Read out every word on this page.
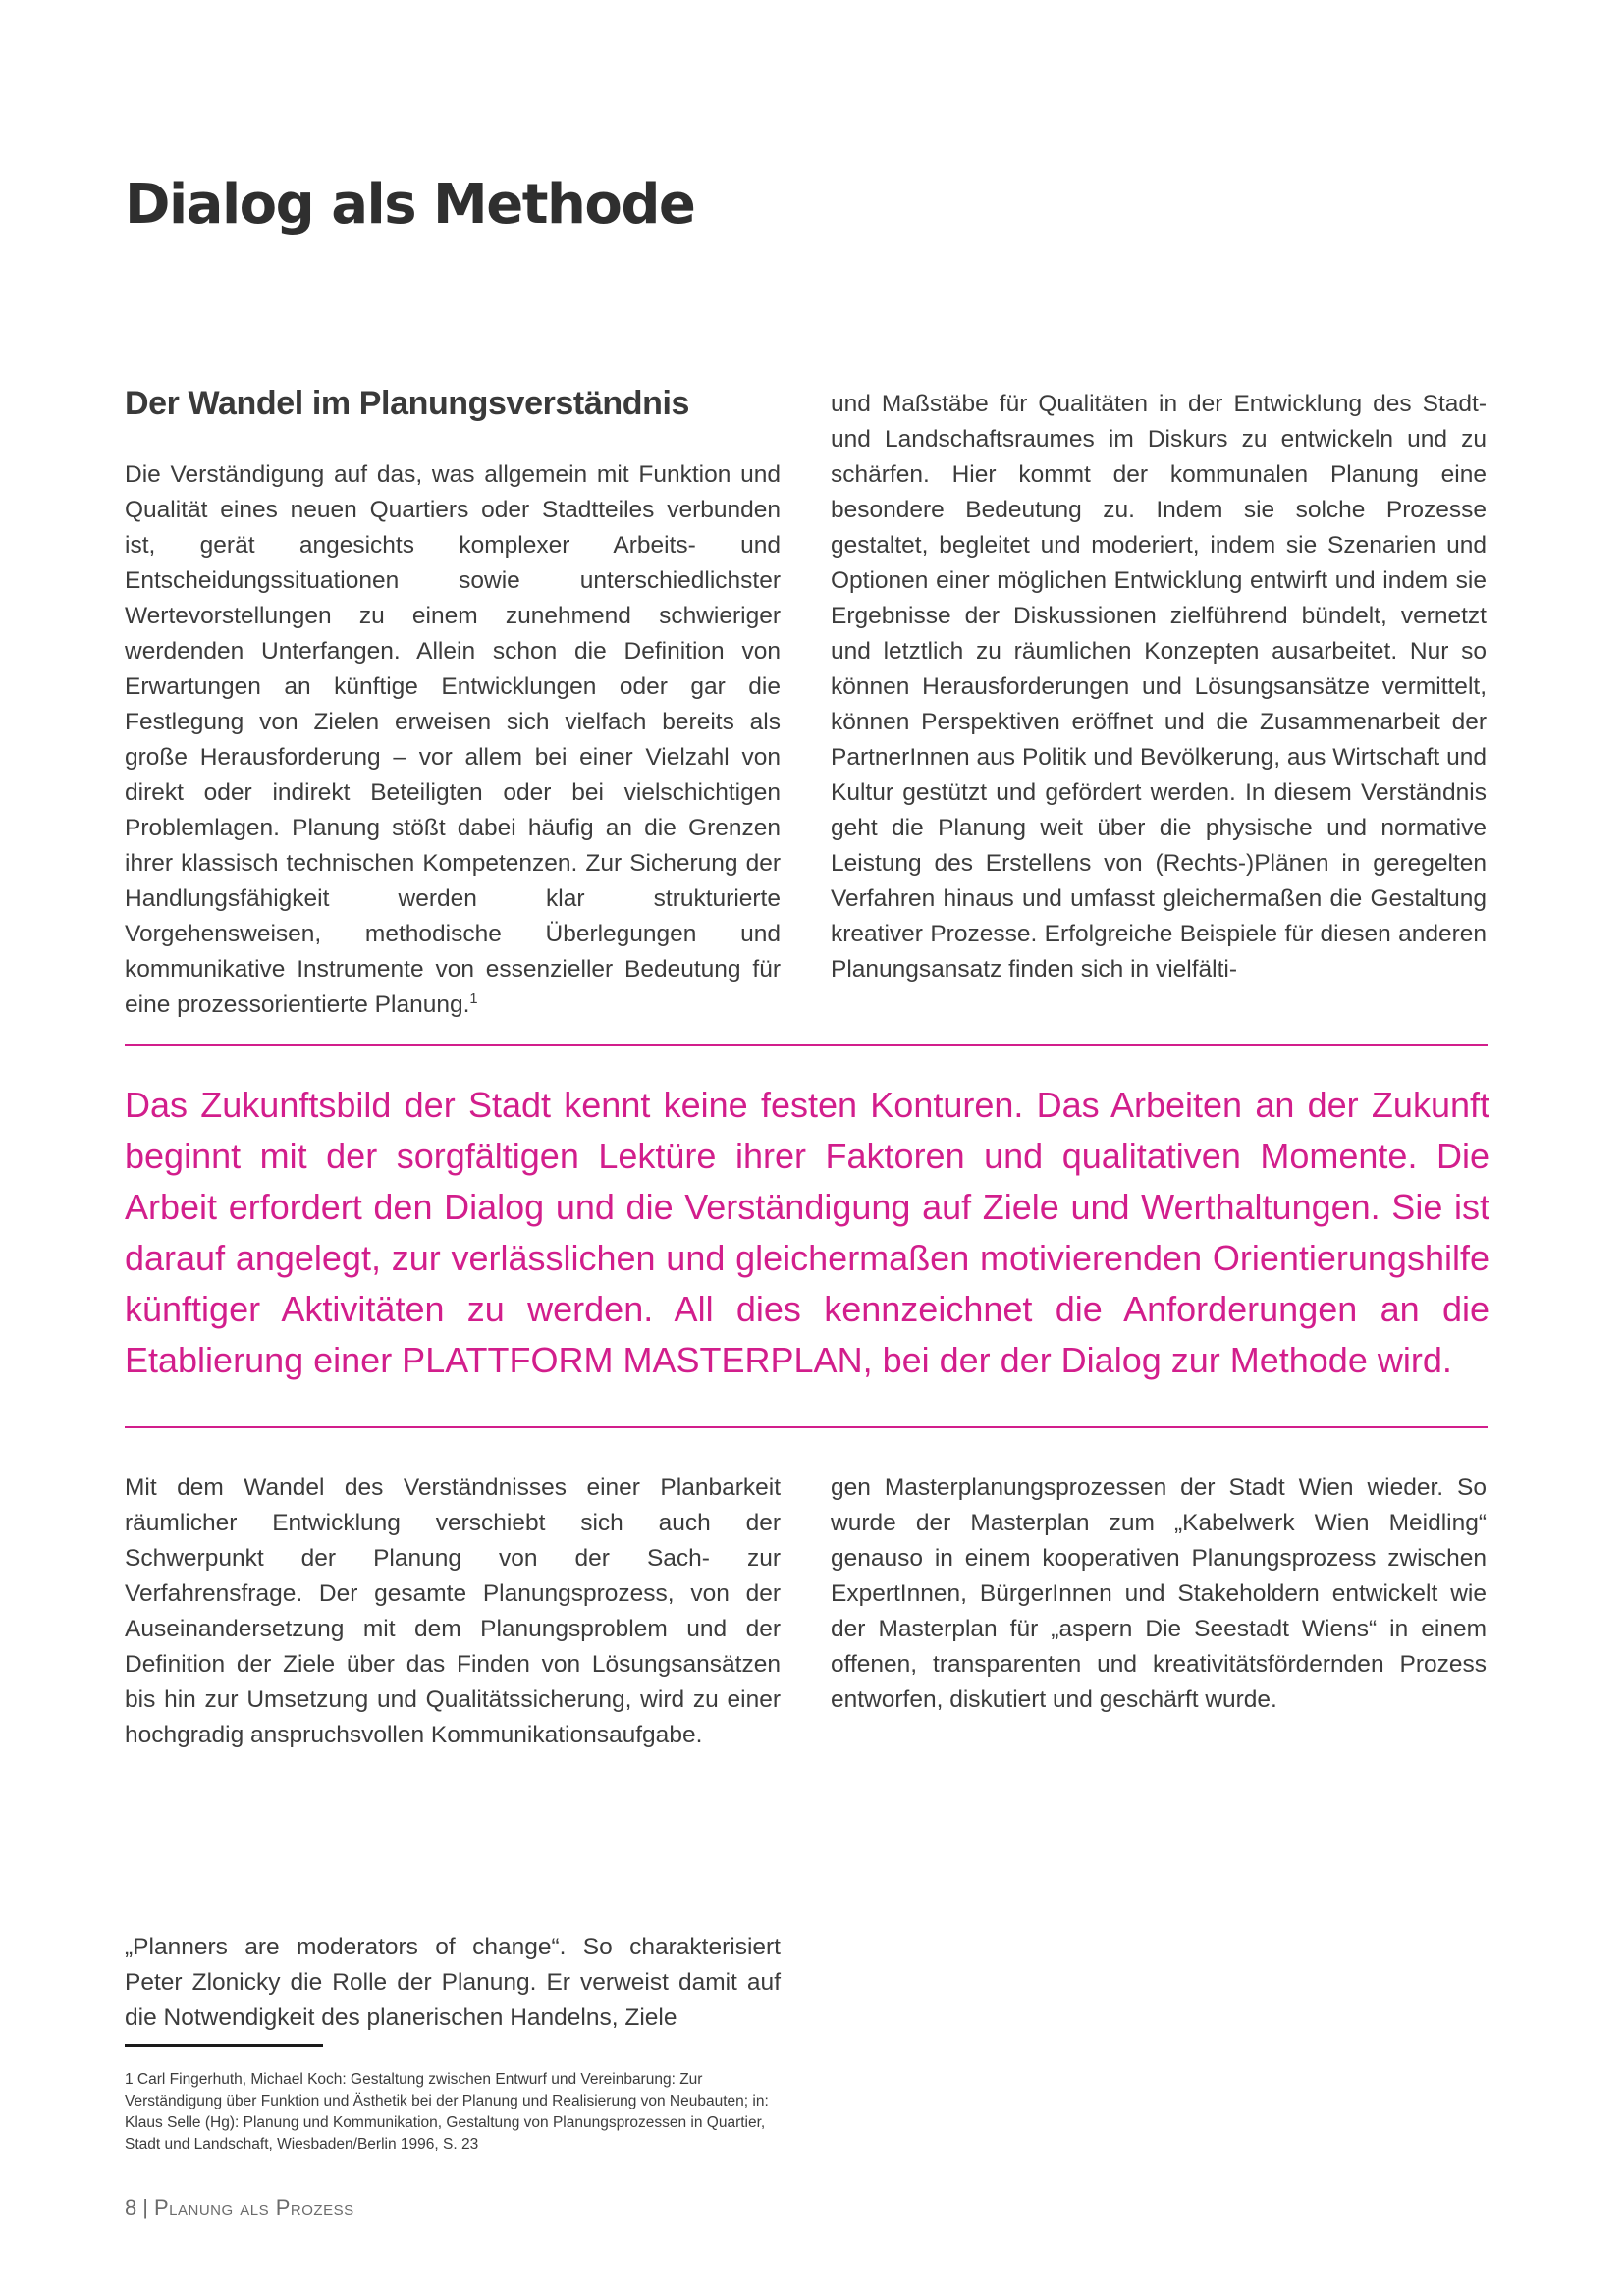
Dialog als Methode
Der Wandel im Planungsverständnis

Die Verständigung auf das, was allgemein mit Funktion und Qualität eines neuen Quartiers oder Stadtteiles verbunden ist, gerät angesichts komplexer Arbeits- und Entscheidungssituationen sowie unterschiedlichster Wertevorstellungen zu einem zunehmend schwieriger werdenden Unterfangen. Allein schon die Definition von Erwartungen an künftige Entwicklungen oder gar die Festlegung von Zielen erweisen sich vielfach bereits als große Herausforderung – vor allem bei einer Vielzahl von direkt oder indirekt Beteiligten oder bei vielschichtigen Problemlagen. Planung stößt dabei häufig an die Grenzen ihrer klassisch technischen Kompetenzen. Zur Sicherung der Handlungsfähigkeit werden klar strukturierte Vorgehensweisen, methodische Überlegungen und kommunikative Instrumente von essenzieller Bedeutung für eine prozessorientierte Planung.$^1$

und Maßstäbe für Qualitäten in der Entwicklung des Stadt- und Landschaftsraumes im Diskurs zu entwickeln und zu schärfen. Hier kommt der kommunalen Planung eine besondere Bedeutung zu. Indem sie solche Prozesse gestaltet, begleitet und moderiert, indem sie Szenarien und Optionen einer möglichen Entwicklung entwirft und indem sie Ergebnisse der Diskussionen zielführend bündelt, vernetzt und letztlich zu räumlichen Konzepten ausarbeitet. Nur so können Herausforderungen und Lösungsansätze vermittelt, können Perspektiven eröffnet und die Zusammenarbeit der PartnerInnen aus Politik und Bevölkerung, aus Wirtschaft und Kultur gestützt und gefördert werden. In diesem Verständnis geht die Planung weit über die physische und normative Leistung des Erstellens von (Rechts-)Plänen in geregelten Verfahren hinaus und umfasst gleichermaßen die Gestaltung kreativer Prozesse. Erfolgreiche Beispiele für diesen anderen Planungsansatz finden sich in vielfälti-

Das Zukunftsbild der Stadt kennt keine festen Konturen. Das Arbeiten an der Zukunft beginnt mit der sorgfältigen Lektüre ihrer Faktoren und qualitativen Momente. Die Arbeit erfordert den Dialog und die Verständigung auf Ziele und Werthaltungen. Sie ist darauf angelegt, zur verlässlichen und gleichermaßen motivierenden Orientierungshilfe künftiger Aktivitäten zu werden. All dies kennzeichnet die Anforderungen an die Etablierung einer PLATTFORM MASTERPLAN, bei der der Dialog zur Methode wird.

Mit dem Wandel des Verständnisses einer Planbarkeit räumlicher Entwicklung verschiebt sich auch der Schwerpunkt der Planung von der Sach- zur Verfahrensfrage. Der gesamte Planungsprozess, von der Auseinandersetzung mit dem Planungsproblem und der Definition der Ziele über das Finden von Lösungsansätzen bis hin zur Umsetzung und Qualitätssicherung, wird zu einer hochgradig anspruchsvollen Kommunikationsaufgabe.

gen Masterplanungsprozessen der Stadt Wien wieder. So wurde der Masterplan zum „Kabelwerk Wien Meidling“ genauso in einem kooperativen Planungsprozess zwischen ExpertInnen, BürgerInnen und Stakeholdern entwickelt wie der Masterplan für „aspern Die Seestadt Wiens“ in einem offenen, transparenten und kreativitätsfördernden Prozess entworfen, diskutiert und geschärft wurde.

„Planners are moderators of change“. So charakterisiert Peter Zlonicky die Rolle der Planung. Er verweist damit auf die Notwendigkeit des planerischen Handelns, Ziele

1 Carl Fingerhuth, Michael Koch: Gestaltung zwischen Entwurf und Vereinbarung: Zur Verständigung über Funktion und Ästhetik bei der Planung und Realisierung von Neubauten; in: Klaus Selle (Hg): Planung und Kommunikation, Gestaltung von Planungsprozessen in Quartier, Stadt und Landschaft, Wiesbaden/Berlin 1996, S. 23

8 | Planung als Prozess
